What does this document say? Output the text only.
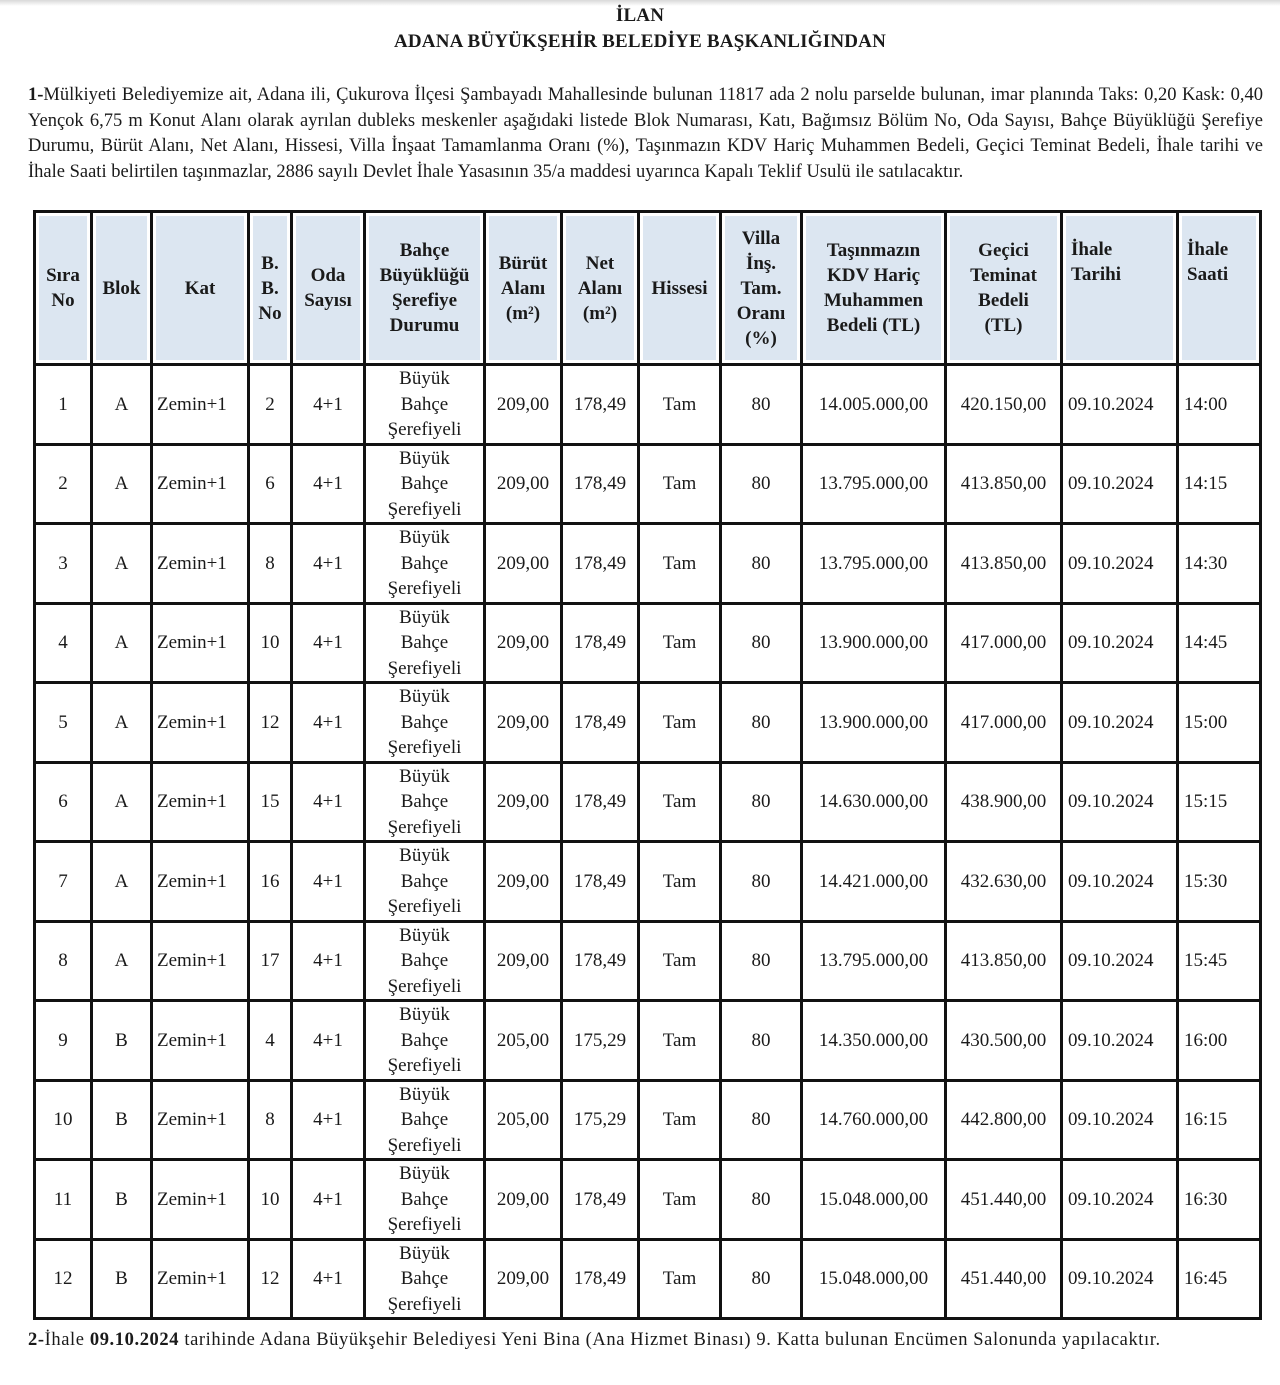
İLAN
ADANA BÜYÜKŞEHİR BELEDİYE BAŞKANLIĞINDAN

1-Mülkiyeti Belediyemize ait, Adana ili, Çukurova İlçesi Şambayadı Mahallesinde bulunan 11817 ada 2 nolu parselde bulunan, imar planında Taks: 0,20 Kask: 0,40 Yençok 6,75 m Konut Alanı olarak ayrılan dubleks meskenler aşağıdaki listede Blok Numarası, Katı, Bağımsız Bölüm No, Oda Sayısı, Bahçe Büyüklüğü Şerefiye Durumu, Bürüt Alanı, Net Alanı, Hissesi, Villa İnşaat Tamamlanma Oranı (%), Taşınmazın KDV Hariç Muhammen Bedeli, Geçici Teminat Bedeli, İhale tarihi ve İhale Saati belirtilen taşınmazlar, 2886 sayılı Devlet İhale Yasasının 35/a maddesi uyarınca Kapalı Teklif Usulü ile satılacaktır.

Sıra
No	Blok	Kat	B.
B.
No	Oda
Sayısı	Bahçe
Büyüklüğü
Şerefiye
Durumu	Bürüt
Alanı
(m²)	Net
Alanı
(m²)	Hissesi	Villa
İnş.
Tam.
Oranı
(%)	Taşınmazın
KDV Hariç
Muhammen
Bedeli (TL)	Geçici
Teminat
Bedeli
(TL)	İhale
Tarihi	İhale
Saati
1	A	Zemin+1	2	4+1	Büyük
Bahçe
Şerefiyeli	209,00	178,49	Tam	80	14.005.000,00	420.150,00	09.10.2024	14:00
2	A	Zemin+1	6	4+1	Büyük
Bahçe
Şerefiyeli	209,00	178,49	Tam	80	13.795.000,00	413.850,00	09.10.2024	14:15
3	A	Zemin+1	8	4+1	Büyük
Bahçe
Şerefiyeli	209,00	178,49	Tam	80	13.795.000,00	413.850,00	09.10.2024	14:30
4	A	Zemin+1	10	4+1	Büyük
Bahçe
Şerefiyeli	209,00	178,49	Tam	80	13.900.000,00	417.000,00	09.10.2024	14:45
5	A	Zemin+1	12	4+1	Büyük
Bahçe
Şerefiyeli	209,00	178,49	Tam	80	13.900.000,00	417.000,00	09.10.2024	15:00
6	A	Zemin+1	15	4+1	Büyük
Bahçe
Şerefiyeli	209,00	178,49	Tam	80	14.630.000,00	438.900,00	09.10.2024	15:15
7	A	Zemin+1	16	4+1	Büyük
Bahçe
Şerefiyeli	209,00	178,49	Tam	80	14.421.000,00	432.630,00	09.10.2024	15:30
8	A	Zemin+1	17	4+1	Büyük
Bahçe
Şerefiyeli	209,00	178,49	Tam	80	13.795.000,00	413.850,00	09.10.2024	15:45
9	B	Zemin+1	4	4+1	Büyük
Bahçe
Şerefiyeli	205,00	175,29	Tam	80	14.350.000,00	430.500,00	09.10.2024	16:00
10	B	Zemin+1	8	4+1	Büyük
Bahçe
Şerefiyeli	205,00	175,29	Tam	80	14.760.000,00	442.800,00	09.10.2024	16:15
11	B	Zemin+1	10	4+1	Büyük
Bahçe
Şerefiyeli	209,00	178,49	Tam	80	15.048.000,00	451.440,00	09.10.2024	16:30
12	B	Zemin+1	12	4+1	Büyük
Bahçe
Şerefiyeli	209,00	178,49	Tam	80	15.048.000,00	451.440,00	09.10.2024	16:45

2-İhale 09.10.2024 tarihinde Adana Büyükşehir Belediyesi Yeni Bina (Ana Hizmet Binası) 9. Katta bulunan Encümen Salonunda yapılacaktır.
